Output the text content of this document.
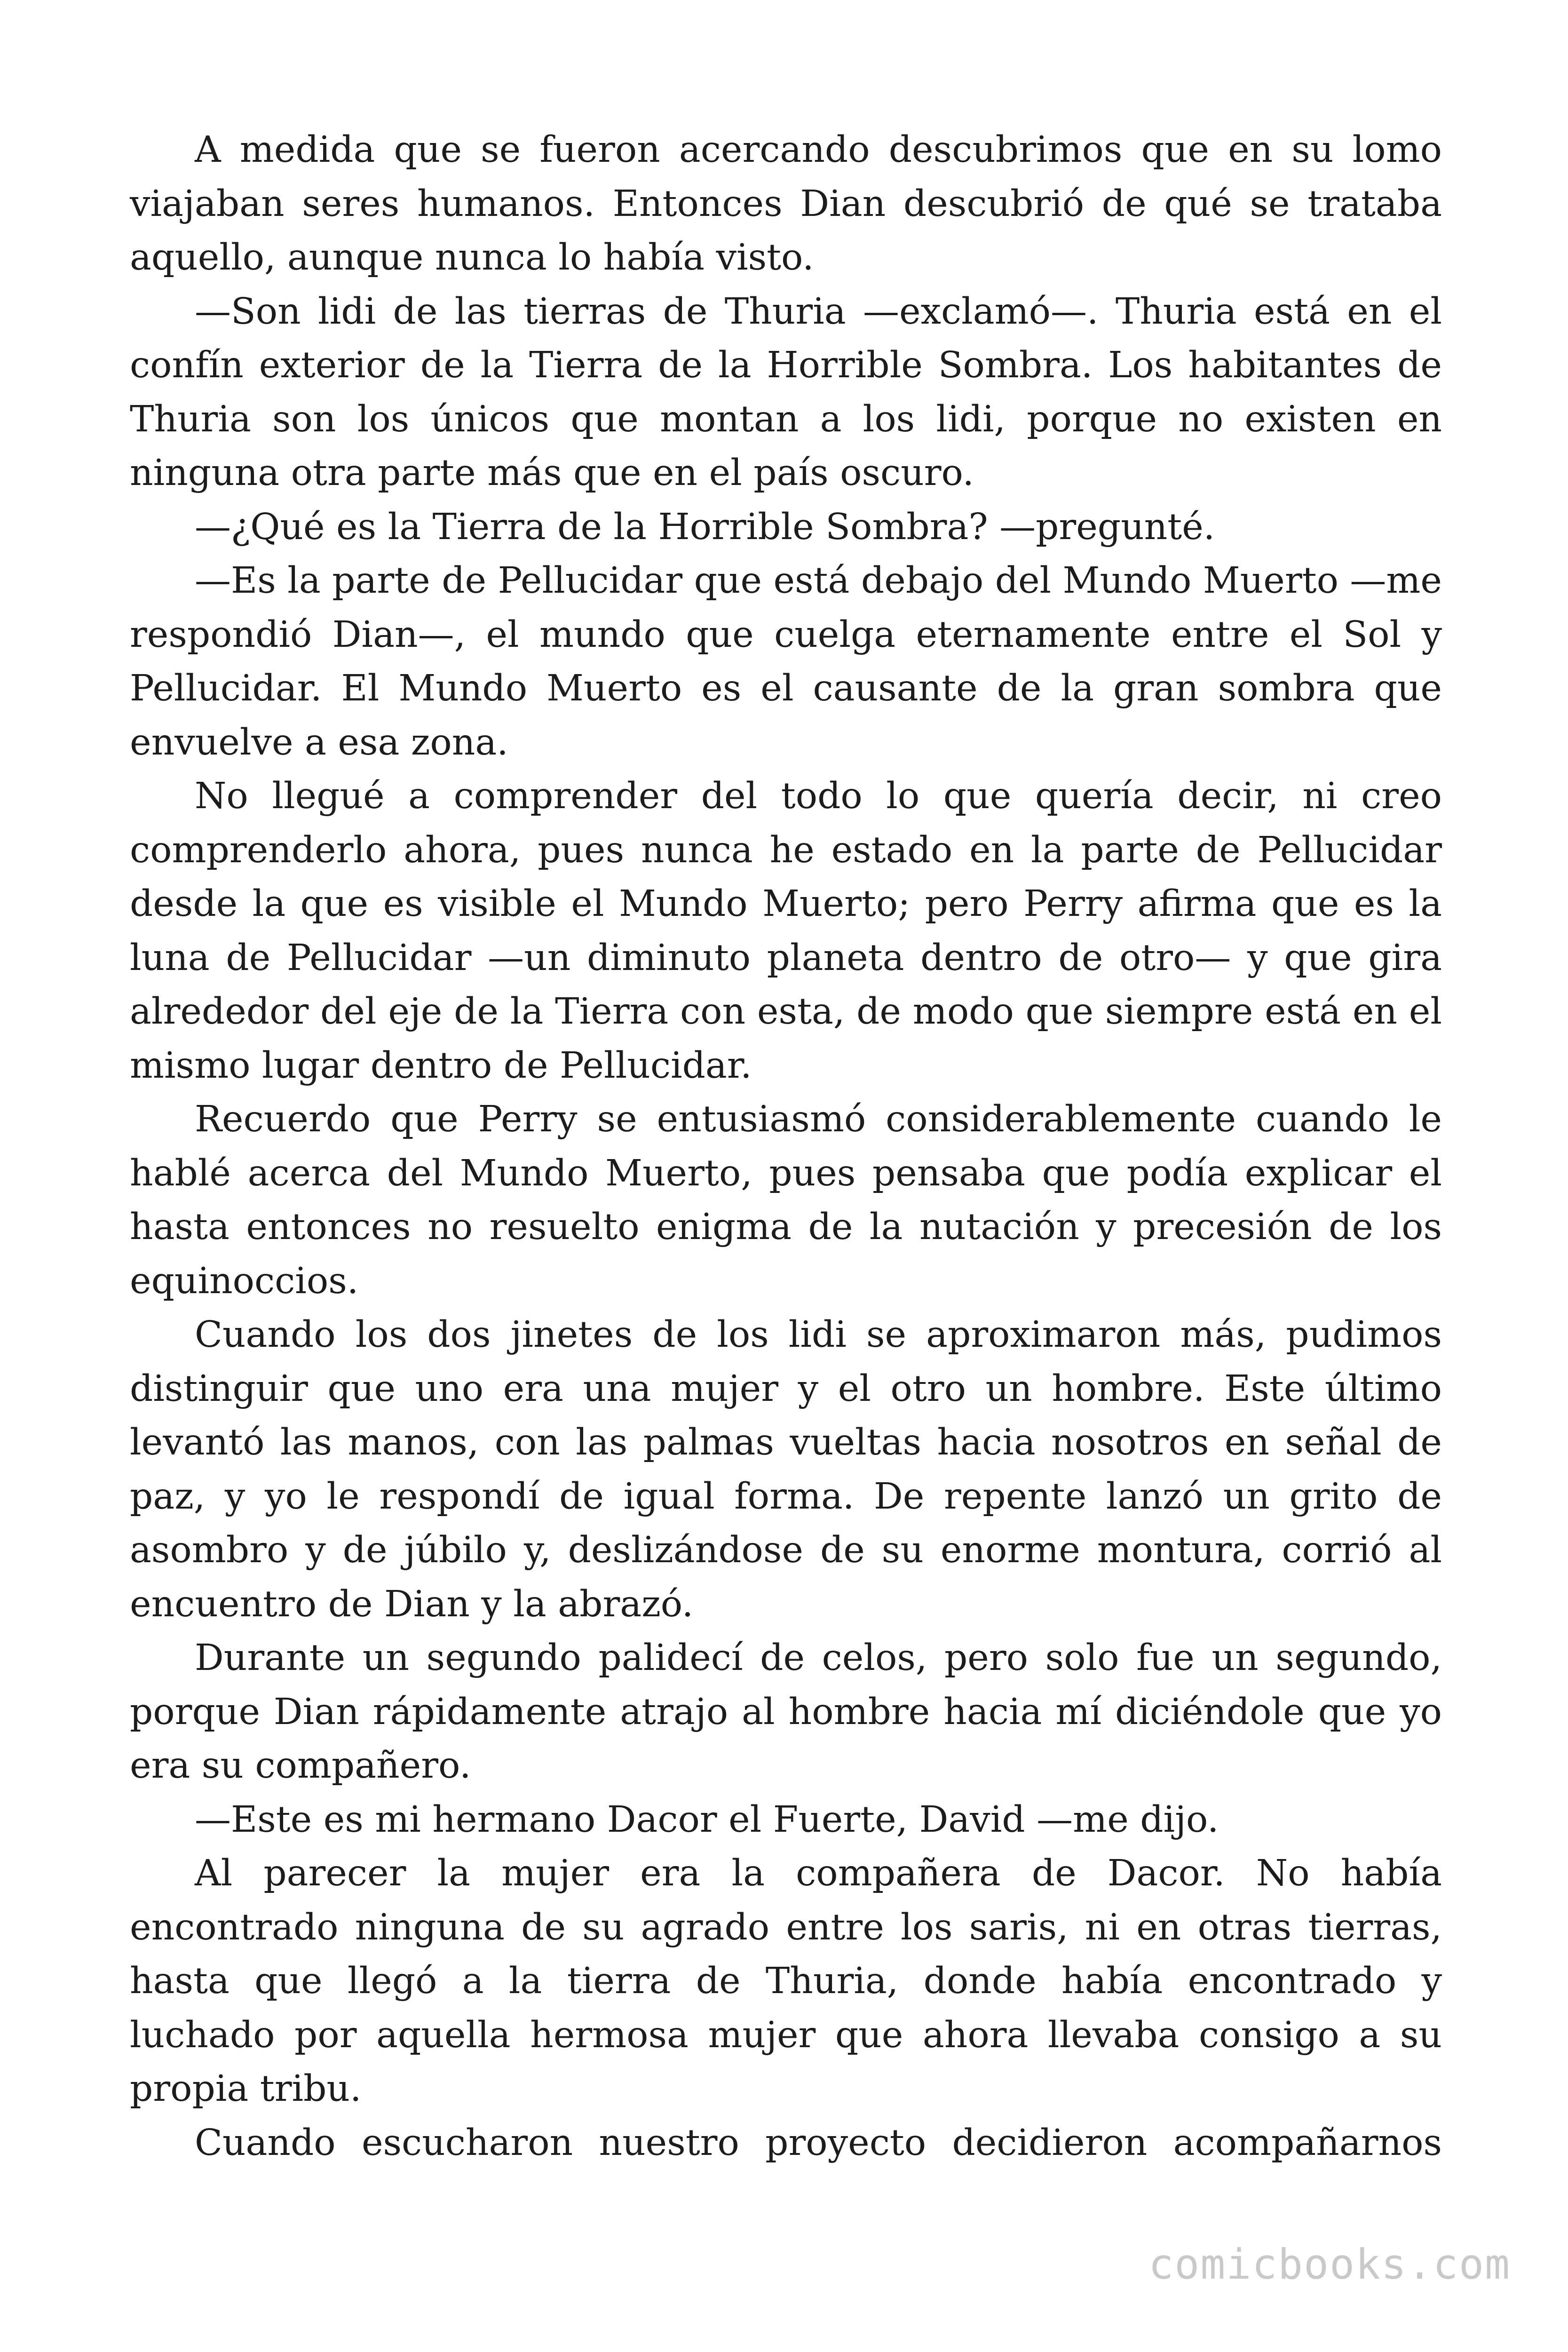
A medida que se fueron acercando descubrimos que en su lomo viajaban seres humanos. Entonces Dian descubrió de qué se trataba aquello, aunque nunca lo había visto.

—Son lidi de las tierras de Thuria —exclamó—. Thuria está en el confín exterior de la Tierra de la Horrible Sombra. Los habitantes de Thuria son los únicos que montan a los lidi, porque no existen en ninguna otra parte más que en el país oscuro.

—¿Qué es la Tierra de la Horrible Sombra? —pregunté.

—Es la parte de Pellucidar que está debajo del Mundo Muerto —me respondió Dian—, el mundo que cuelga eternamente entre el Sol y Pellucidar. El Mundo Muerto es el causante de la gran sombra que envuelve a esa zona.

No llegué a comprender del todo lo que quería decir, ni creo comprenderlo ahora, pues nunca he estado en la parte de Pellucidar desde la que es visible el Mundo Muerto; pero Perry afirma que es la luna de Pellucidar —un diminuto planeta dentro de otro— y que gira alrededor del eje de la Tierra con esta, de modo que siempre está en el mismo lugar dentro de Pellucidar.

Recuerdo que Perry se entusiasmó considerablemente cuando le hablé acerca del Mundo Muerto, pues pensaba que podía explicar el hasta entonces no resuelto enigma de la nutación y precesión de los equinoccios.

Cuando los dos jinetes de los lidi se aproximaron más, pudimos distinguir que uno era una mujer y el otro un hombre. Este último levantó las manos, con las palmas vueltas hacia nosotros en señal de paz, y yo le respondí de igual forma. De repente lanzó un grito de asombro y de júbilo y, deslizándose de su enorme montura, corrió al encuentro de Dian y la abrazó.

Durante un segundo palidecí de celos, pero solo fue un segundo, porque Dian rápidamente atrajo al hombre hacia mí diciéndole que yo era su compañero.

—Este es mi hermano Dacor el Fuerte, David —me dijo.

Al parecer la mujer era la compañera de Dacor. No había encontrado ninguna de su agrado entre los saris, ni en otras tierras, hasta que llegó a la tierra de Thuria, donde había encontrado y luchado por aquella hermosa mujer que ahora llevaba consigo a su propia tribu.

Cuando escucharon nuestro proyecto decidieron acompañarnos

comicbooks.com
